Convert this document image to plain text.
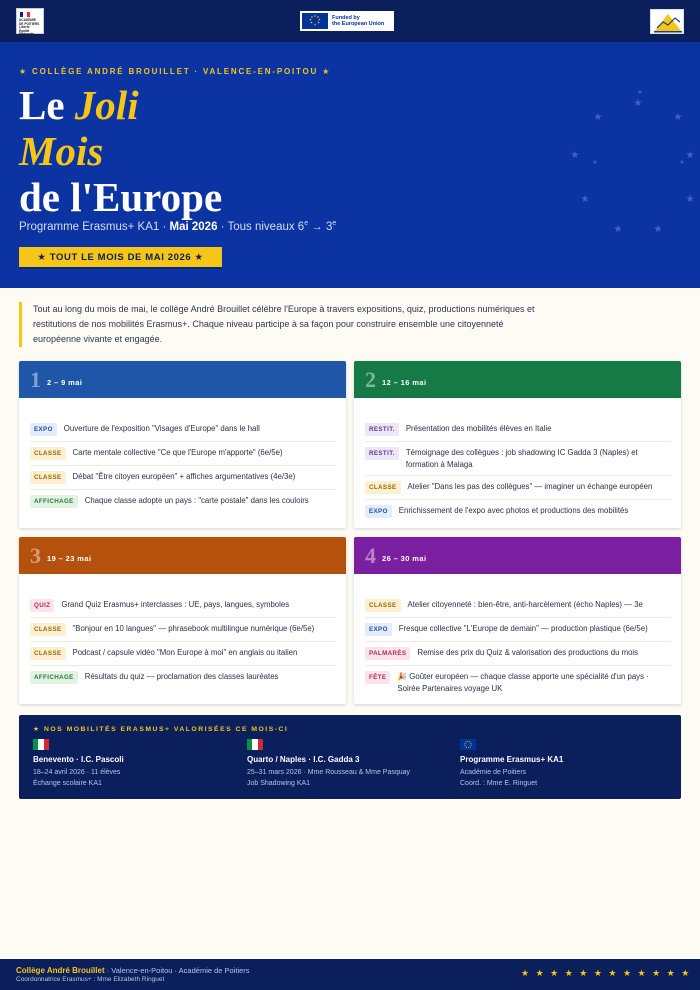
ACADÉMIE
DE POITIERS
Liberté
Égalité
Fraternité
★ ★
★
★
★
★
★
★	Funded by
the European Union
★
★	★
★	★
★	★
★	★
★	★
★
★ COLLÈGE ANDRÉ BROUILLET · VALENCE-EN-POITOU ★
Le Joli
Mois
de l'Europe
Programme Erasmus+ KA1 · Mai 2026 · Tous niveaux $6^e \to 3^e$
★ TOUT LE MOIS DE MAI 2026 ★
Tout au long du mois de mai, le collège André Brouillet célèbre l'Europe à travers expositions, quiz, productions numériques et restitutions de nos mobilités Erasmus+. Chaque niveau participe à sa façon pour construire ensemble une citoyenneté européenne vivante et engagée.
1 2 – 9 mai
EXPO	Ouverture de l'exposition "Visages d'Europe" dans le hall
CLASSE	Carte mentale collective "Ce que l'Europe m'apporte" (6e/5e)
CLASSE	Débat "Être citoyen européen" + affiches argumentatives (4e/3e)
AFFICHAGE	Chaque classe adopte un pays : "carte postale" dans les couloirs
2 12 – 16 mai
RESTIT.	Présentation des mobilités élèves en Italie
RESTIT.	Témoignage des collègues : job shadowing IC Gadda 3 (Naples) et formation à Malaga
CLASSE	Atelier "Dans les pas des collègues" — imaginer un échange européen
EXPO	Enrichissement de l'expo avec photos et productions des mobilités
3 19 – 23 mai
QUIZ	Grand Quiz Erasmus+ interclasses : UE, pays, langues, symboles
CLASSE	"Bonjour en 10 langues" — phrasebook multilingue numérique (6e/5e)
CLASSE	Podcast / capsule vidéo "Mon Europe à moi" en anglais ou italien
AFFICHAGE	Résultats du quiz — proclamation des classes lauréates
4 26 – 30 mai
CLASSE	Atelier citoyenneté : bien-être, anti-harcèlement (écho Naples) — 3e
EXPO	Fresque collective "L'Europe de demain" — production plastique (6e/5e)
PALMARÈS	Remise des prix du Quiz & valorisation des productions du mois
FÊTE	🎉 Goûter européen — chaque classe apporte une spécialité d'un pays · Soirée Partenaires voyage UK
★ NOS MOBILITÉS ERASMUS+ VALORISÉES CE MOIS-CI
Benevento · I.C. Pascoli
18–24 avril 2026 · 11 élèves
Échange scolaire KA1
Quarto / Naples · I.C. Gadda 3
25–31 mars 2026 · Mme Rousseau & Mme Pasquay
Job Shadowing KA1
Programme Erasmus+ KA1
Académie de Poitiers
Coord. : Mme E. Ringuet
Collège André Brouillet · Valence-en-Poitou · Académie de Poitiers
Coordonnatrice Erasmus+ : Mme Elizabeth Ringuet
★★★★★★★★★★★★
